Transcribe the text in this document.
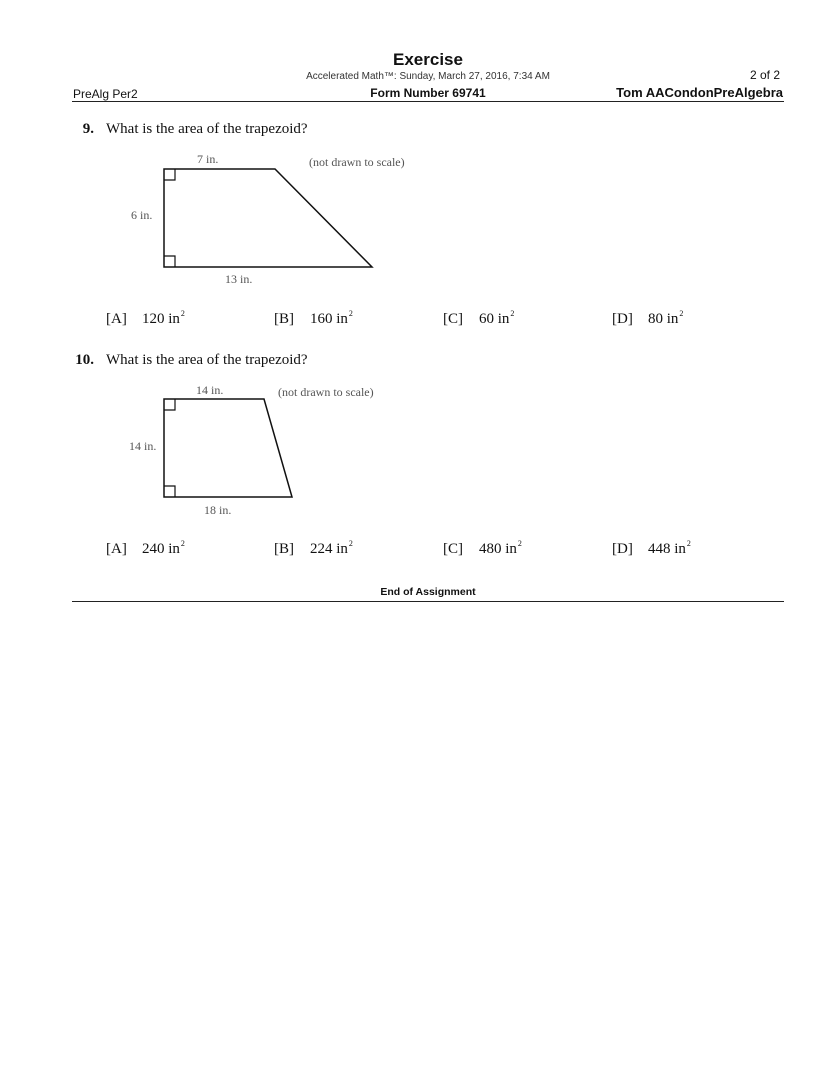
Exercise
Accelerated Math™: Sunday, March 27, 2016, 7:34 AM	2 of 2
PreAlg Per2	Form Number 69741	Tom AACondonPreAlgebra
9. What is the area of the trapezoid?
7 in.
6 in.
13 in.
(not drawn to scale)
[A] 120 $in^2$	[B] 160 $in^2$	[C] 60 $in^2$	[D] 80 $in^2$
10. What is the area of the trapezoid?
14 in.
14 in.
18 in.
(not drawn to scale)
[A] 240 $in^2$	[B] 224 $in^2$	[C] 480 $in^2$	[D] 448 $in^2$
End of Assignment
